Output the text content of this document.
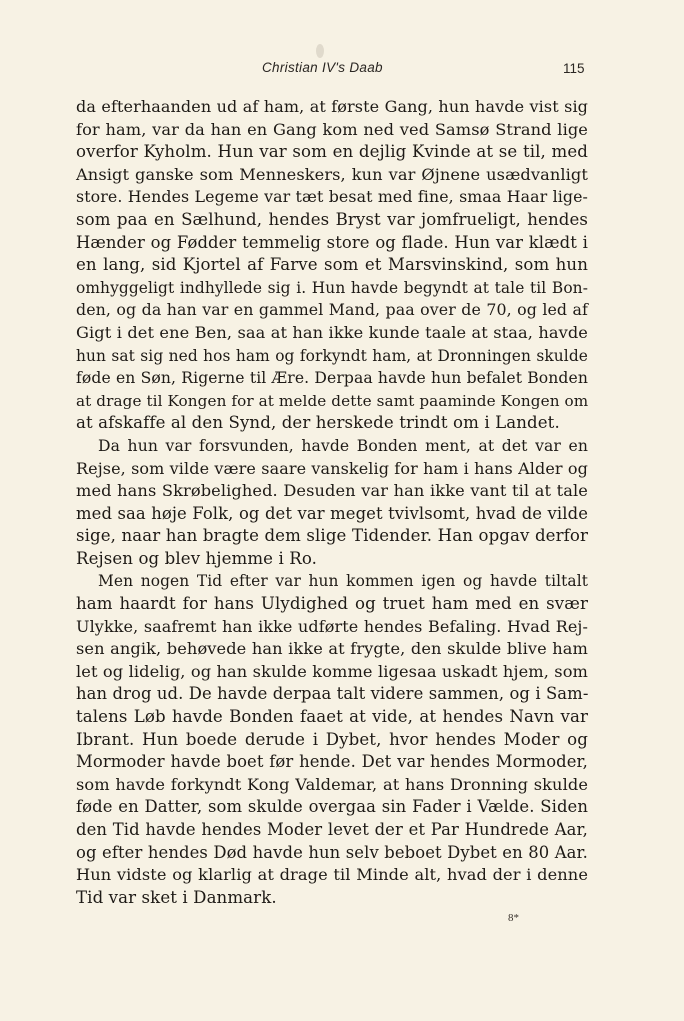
Christian IV's Daab	115
da efterhaanden ud af ham, at første Gang, hun havde vist sig
for ham, var da han en Gang kom ned ved Samsø Strand lige
overfor Kyholm. Hun var som en dejlig Kvinde at se til, med
Ansigt ganske som Menneskers, kun var Øjnene usædvanligt
store. Hendes Legeme var tæt besat med fine, smaa Haar lige-
som paa en Sælhund, hendes Bryst var jomfrueligt, hendes
Hænder og Fødder temmelig store og flade. Hun var klædt i
en lang, sid Kjortel af Farve som et Marsvinskind, som hun
omhyggeligt indhyllede sig i. Hun havde begyndt at tale til Bon-
den, og da han var en gammel Mand, paa over de 70, og led af
Gigt i det ene Ben, saa at han ikke kunde taale at staa, havde
hun sat sig ned hos ham og forkyndt ham, at Dronningen skulde
føde en Søn, Rigerne til Ære. Derpaa havde hun befalet Bonden
at drage til Kongen for at melde dette samt paaminde Kongen om
at afskaffe al den Synd, der herskede trindt om i Landet.
Da hun var forsvunden, havde Bonden ment, at det var en
Rejse, som vilde være saare vanskelig for ham i hans Alder og
med hans Skrøbelighed. Desuden var han ikke vant til at tale
med saa høje Folk, og det var meget tvivlsomt, hvad de vilde
sige, naar han bragte dem slige Tidender. Han opgav derfor
Rejsen og blev hjemme i Ro.
Men nogen Tid efter var hun kommen igen og havde tiltalt
ham haardt for hans Ulydighed og truet ham med en svær
Ulykke, saafremt han ikke udførte hendes Befaling. Hvad Rej-
sen angik, behøvede han ikke at frygte, den skulde blive ham
let og lidelig, og han skulde komme ligesaa uskadt hjem, som
han drog ud. De havde derpaa talt videre sammen, og i Sam-
talens Løb havde Bonden faaet at vide, at hendes Navn var
Ibrant. Hun boede derude i Dybet, hvor hendes Moder og
Mormoder havde boet før hende. Det var hendes Mormoder,
som havde forkyndt Kong Valdemar, at hans Dronning skulde
føde en Datter, som skulde overgaa sin Fader i Vælde. Siden
den Tid havde hendes Moder levet der et Par Hundrede Aar,
og efter hendes Død havde hun selv beboet Dybet en 80 Aar.
Hun vidste og klarlig at drage til Minde alt, hvad der i denne
Tid var sket i Danmark.
8*
